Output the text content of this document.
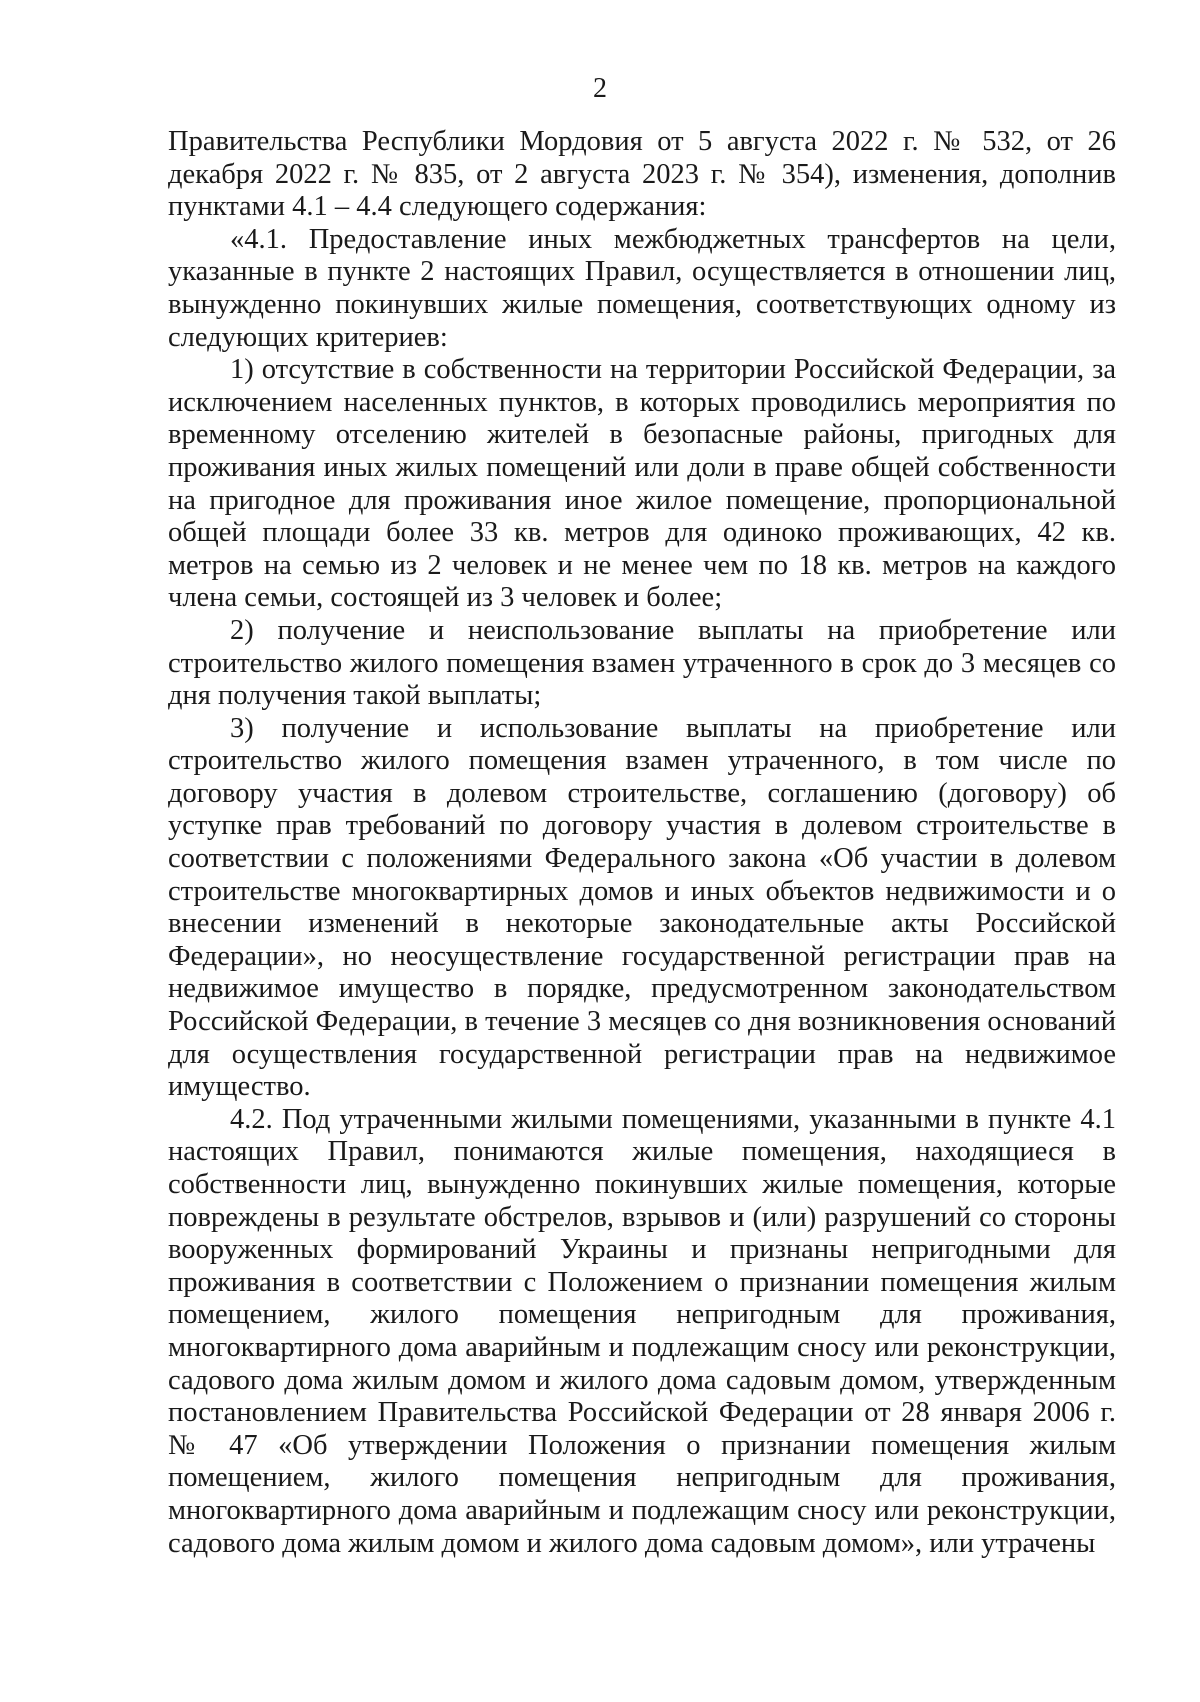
2

Правительства Республики Мордовия от 5 августа 2022 г. № 532, от 26 декабря 2022 г. № 835, от 2 августа 2023 г. № 354), изменения, дополнив пунктами 4.1 – 4.4 следующего содержания:

«4.1. Предоставление иных межбюджетных трансфертов на цели, указанные в пункте 2 настоящих Правил, осуществляется в отношении лиц, вынужденно покинувших жилые помещения, соответствующих одному из следующих критериев:

1) отсутствие в собственности на территории Российской Федерации, за исключением населенных пунктов, в которых проводились мероприятия по временному отселению жителей в безопасные районы, пригодных для проживания иных жилых помещений или доли в праве общей собственности на пригодное для проживания иное жилое помещение, пропорциональной общей площади более 33 кв. метров для одиноко проживающих, 42 кв. метров на семью из 2 человек и не менее чем по 18 кв. метров на каждого члена семьи, состоящей из 3 человек и более;

2) получение и неиспользование выплаты на приобретение или строительство жилого помещения взамен утраченного в срок до 3 месяцев со дня получения такой выплаты;

3) получение и использование выплаты на приобретение или строительство жилого помещения взамен утраченного, в том числе по договору участия в долевом строительстве, соглашению (договору) об уступке прав требований по договору участия в долевом строительстве в соответствии с положениями Федерального закона «Об участии в долевом строительстве многоквартирных домов и иных объектов недвижимости и о внесении изменений в некоторые законодательные акты Российской Федерации», но неосуществление государственной регистрации прав на недвижимое имущество в порядке, предусмотренном законодательством Российской Федерации, в течение 3 месяцев со дня возникновения оснований для осуществления государственной регистрации прав на недвижимое имущество.

4.2. Под утраченными жилыми помещениями, указанными в пункте 4.1 настоящих Правил, понимаются жилые помещения, находящиеся в собственности лиц, вынужденно покинувших жилые помещения, которые повреждены в результате обстрелов, взрывов и (или) разрушений со стороны вооруженных формирований Украины и признаны непригодными для проживания в соответствии с Положением о признании помещения жилым помещением, жилого помещения непригодным для проживания, многоквартирного дома аварийным и подлежащим сносу или реконструкции, садового дома жилым домом и жилого дома садовым домом, утвержденным постановлением Правительства Российской Федерации от 28 января 2006 г. № 47 «Об утверждении Положения о признании помещения жилым помещением, жилого помещения непригодным для проживания, многоквартирного дома аварийным и подлежащим сносу или реконструкции, садового дома жилым домом и жилого дома садовым домом», или утрачены
